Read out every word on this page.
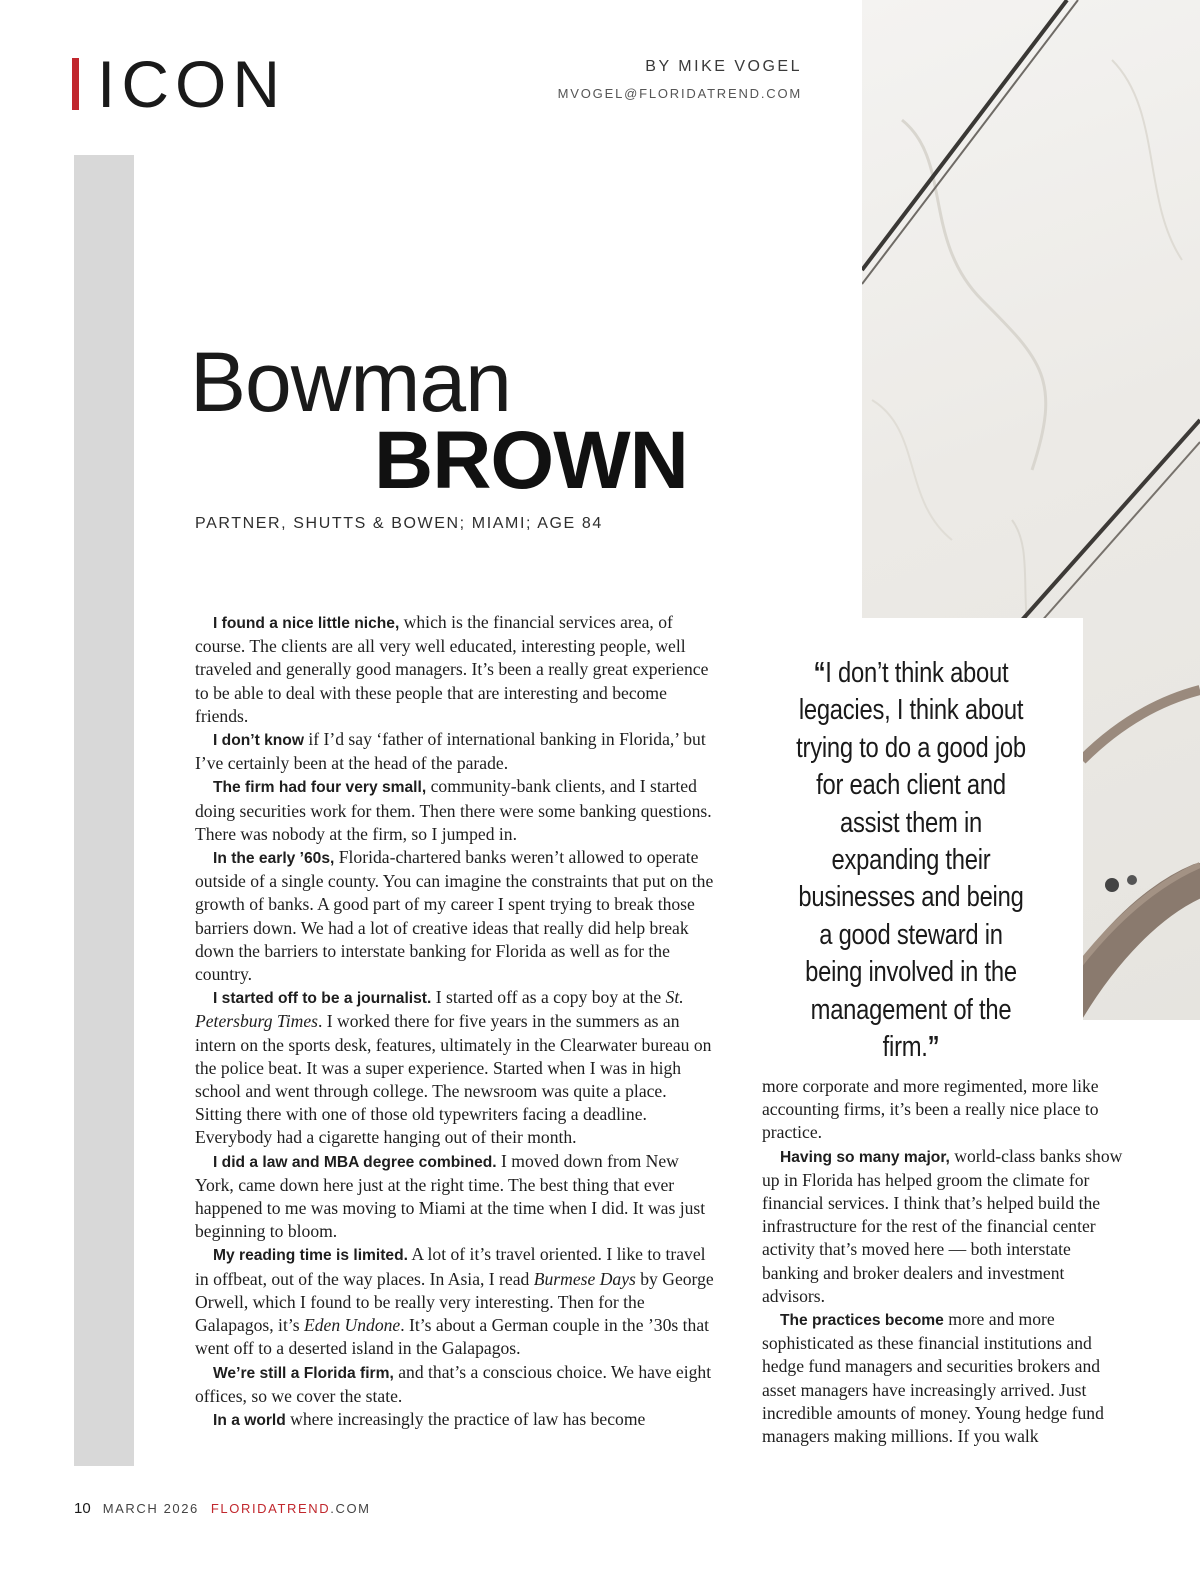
ICON	BY MIKE VOGEL
MVOGEL@FLORIDATREND.COM
Bowman
BROWN
PARTNER, SHUTTS & BOWEN; MIAMI; AGE 84
“I don’t think about legacies, I think about trying to do a good job for each client and assist them in expanding their businesses and being a good steward in being involved in the management of the firm.”

I found a nice little niche, which is the financial services area, of course. The clients are all very well educated, interesting people, well traveled and generally good managers. It’s been a really great experience to be able to deal with these people that are interesting and become friends.

I don’t know if I’d say ‘father of international banking in Florida,’ but I’ve certainly been at the head of the parade.

The firm had four very small, community-bank clients, and I started doing securities work for them. Then there were some banking questions. There was nobody at the firm, so I jumped in.

In the early ’60s, Florida-chartered banks weren’t allowed to operate outside of a single county. You can imagine the constraints that put on the growth of banks. A good part of my career I spent trying to break those barriers down. We had a lot of creative ideas that really did help break down the barriers to interstate banking for Florida as well as for the country.

I started off to be a journalist. I started off as a copy boy at the St. Petersburg Times. I worked there for five years in the summers as an intern on the sports desk, features, ultimately in the Clearwater bureau on the police beat. It was a super experience. Started when I was in high school and went through college. The newsroom was quite a place. Sitting there with one of those old typewriters facing a deadline. Everybody had a cigarette hanging out of their month.

I did a law and MBA degree combined. I moved down from New York, came down here just at the right time. The best thing that ever happened to me was moving to Miami at the time when I did. It was just beginning to bloom.

My reading time is limited. A lot of it’s travel oriented. I like to travel in offbeat, out of the way places. In Asia, I read Burmese Days by George Orwell, which I found to be really very interesting. Then for the Galapagos, it’s Eden Undone. It’s about a German couple in the ’30s that went off to a deserted island in the Galapagos.

We’re still a Florida firm, and that’s a conscious choice. We have eight offices, so we cover the state.

In a world where increasingly the practice of law has become

more corporate and more regimented, more like accounting firms, it’s been a really nice place to practice.

Having so many major, world-class banks show up in Florida has helped groom the climate for financial services. I think that’s helped build the infrastructure for the rest of the financial center activity that’s moved here — both interstate banking and broker dealers and investment advisors.

The practices become more and more sophisticated as these financial institutions and hedge fund managers and securities brokers and asset managers have increasingly arrived. Just incredible amounts of money. Young hedge fund managers making millions. If you walk

10 MARCH 2026 FLORIDATREND.COM
